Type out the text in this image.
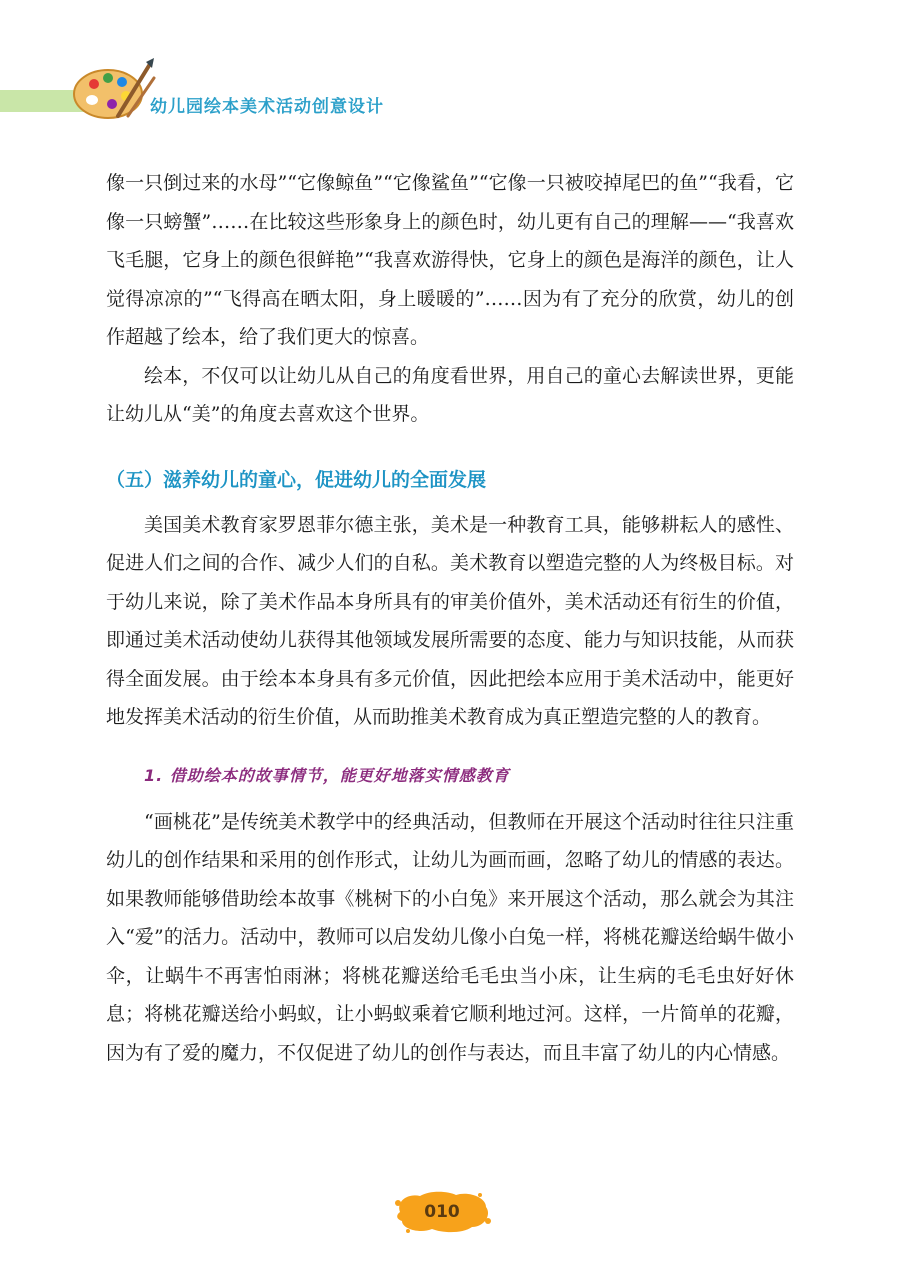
幼儿园绘本美术活动创意设计

像一只倒过来的水母”“它像鲸鱼”“它像鲨鱼”“它像一只被咬掉尾巴的鱼”“我看，它像一只螃蟹”……在比较这些形象身上的颜色时，幼儿更有自己的理解——“我喜欢飞毛腿，它身上的颜色很鲜艳”“我喜欢游得快，它身上的颜色是海洋的颜色，让人觉得凉凉的”“飞得高在晒太阳，身上暖暖的”……因为有了充分的欣赏，幼儿的创作超越了绘本，给了我们更大的惊喜。

绘本，不仅可以让幼儿从自己的角度看世界，用自己的童心去解读世界，更能让幼儿从“美”的角度去喜欢这个世界。

（五）滋养幼儿的童心，促进幼儿的全面发展

美国美术教育家罗恩菲尔德主张，美术是一种教育工具，能够耕耘人的感性、促进人们之间的合作、减少人们的自私。美术教育以塑造完整的人为终极目标。对于幼儿来说，除了美术作品本身所具有的审美价值外，美术活动还有衍生的价值，即通过美术活动使幼儿获得其他领域发展所需要的态度、能力与知识技能，从而获得全面发展。由于绘本本身具有多元价值，因此把绘本应用于美术活动中，能更好地发挥美术活动的衍生价值，从而助推美术教育成为真正塑造完整的人的教育。

1. 借助绘本的故事情节，能更好地落实情感教育

“画桃花”是传统美术教学中的经典活动，但教师在开展这个活动时往往只注重幼儿的创作结果和采用的创作形式，让幼儿为画而画，忽略了幼儿的情感的表达。如果教师能够借助绘本故事《桃树下的小白兔》来开展这个活动，那么就会为其注入“爱”的活力。活动中，教师可以启发幼儿像小白兔一样，将桃花瓣送给蜗牛做小伞，让蜗牛不再害怕雨淋；将桃花瓣送给毛毛虫当小床，让生病的毛毛虫好好休息；将桃花瓣送给小蚂蚁，让小蚂蚁乘着它顺利地过河。这样，一片简单的花瓣，因为有了爱的魔力，不仅促进了幼儿的创作与表达，而且丰富了幼儿的内心情感。

010
